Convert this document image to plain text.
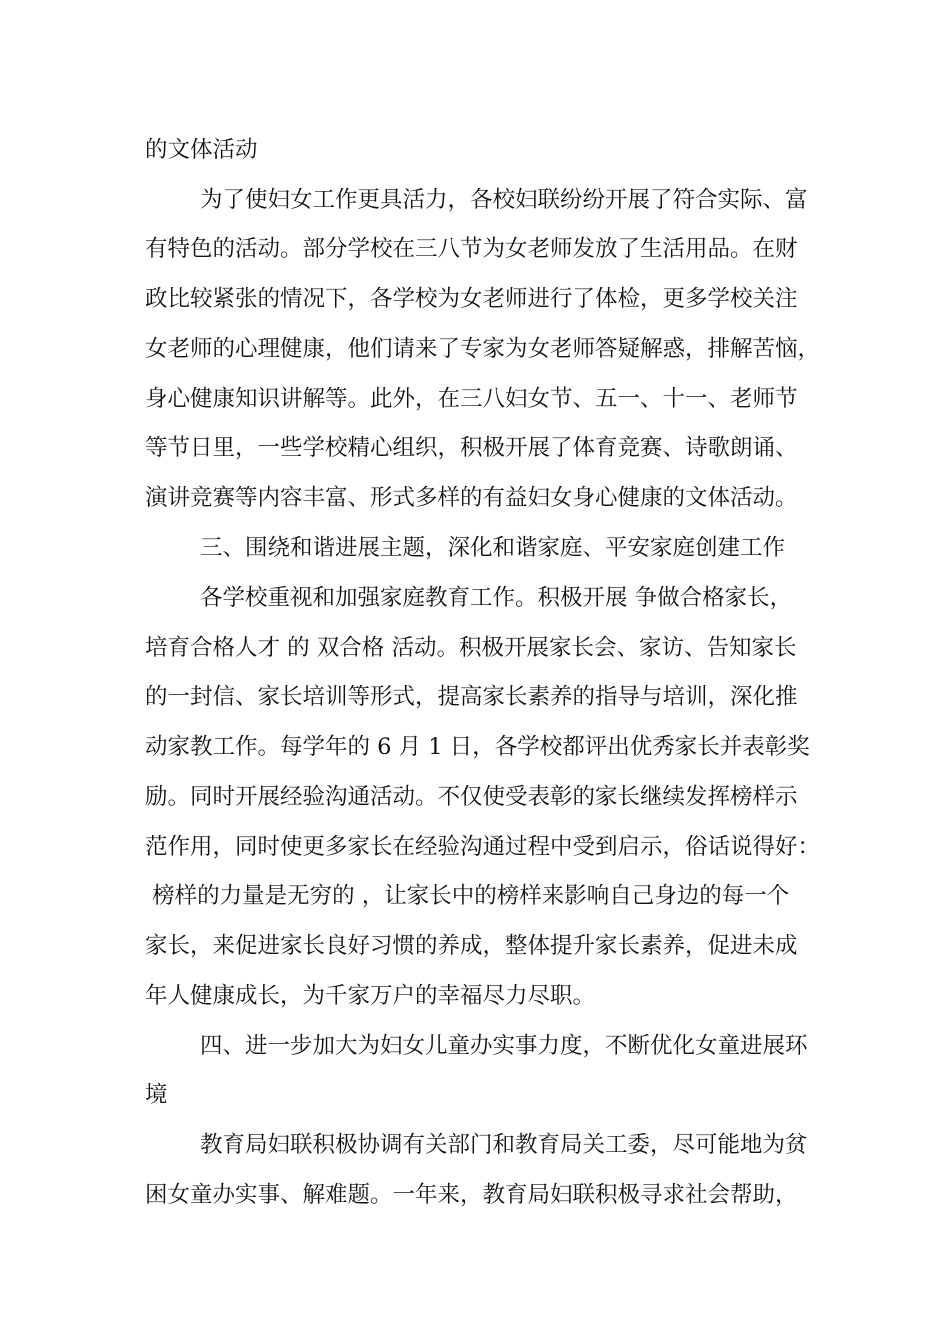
的文体活动
为了使妇女工作更具活力，各校妇联纷纷开展了符合实际、富
有特色的活动。部分学校在三八节为女老师发放了生活用品。在财
政比较紧张的情况下，各学校为女老师进行了体检，更多学校关注
女老师的心理健康，他们请来了专家为女老师答疑解惑，排解苦恼，
身心健康知识讲解等。此外，在三八妇女节、五一、十一、老师节
等节日里，一些学校精心组织，积极开展了体育竞赛、诗歌朗诵、
演讲竞赛等内容丰富、形式多样的有益妇女身心健康的文体活动。
三、围绕和谐进展主题，深化和谐家庭、平安家庭创建工作
各学校重视和加强家庭教育工作。积极开展 争做合格家长，
培育合格人才 的 双合格 活动。积极开展家长会、家访、告知家长
的一封信、家长培训等形式，提高家长素养的指导与培训，深化推
动家教工作。每学年的 6 月 1 日，各学校都评出优秀家长并表彰奖
励。同时开展经验沟通活动。不仅使受表彰的家长继续发挥榜样示
范作用，同时使更多家长在经验沟通过程中受到启示，俗话说得好：
榜样的力量是无穷的 ，让家长中的榜样来影响自己身边的每一个
家长，来促进家长良好习惯的养成，整体提升家长素养，促进未成
年人健康成长，为千家万户的幸福尽力尽职。
四、进一步加大为妇女儿童办实事力度，不断优化女童进展环
境
教育局妇联积极协调有关部门和教育局关工委，尽可能地为贫
困女童办实事、解难题。一年来，教育局妇联积极寻求社会帮助，
